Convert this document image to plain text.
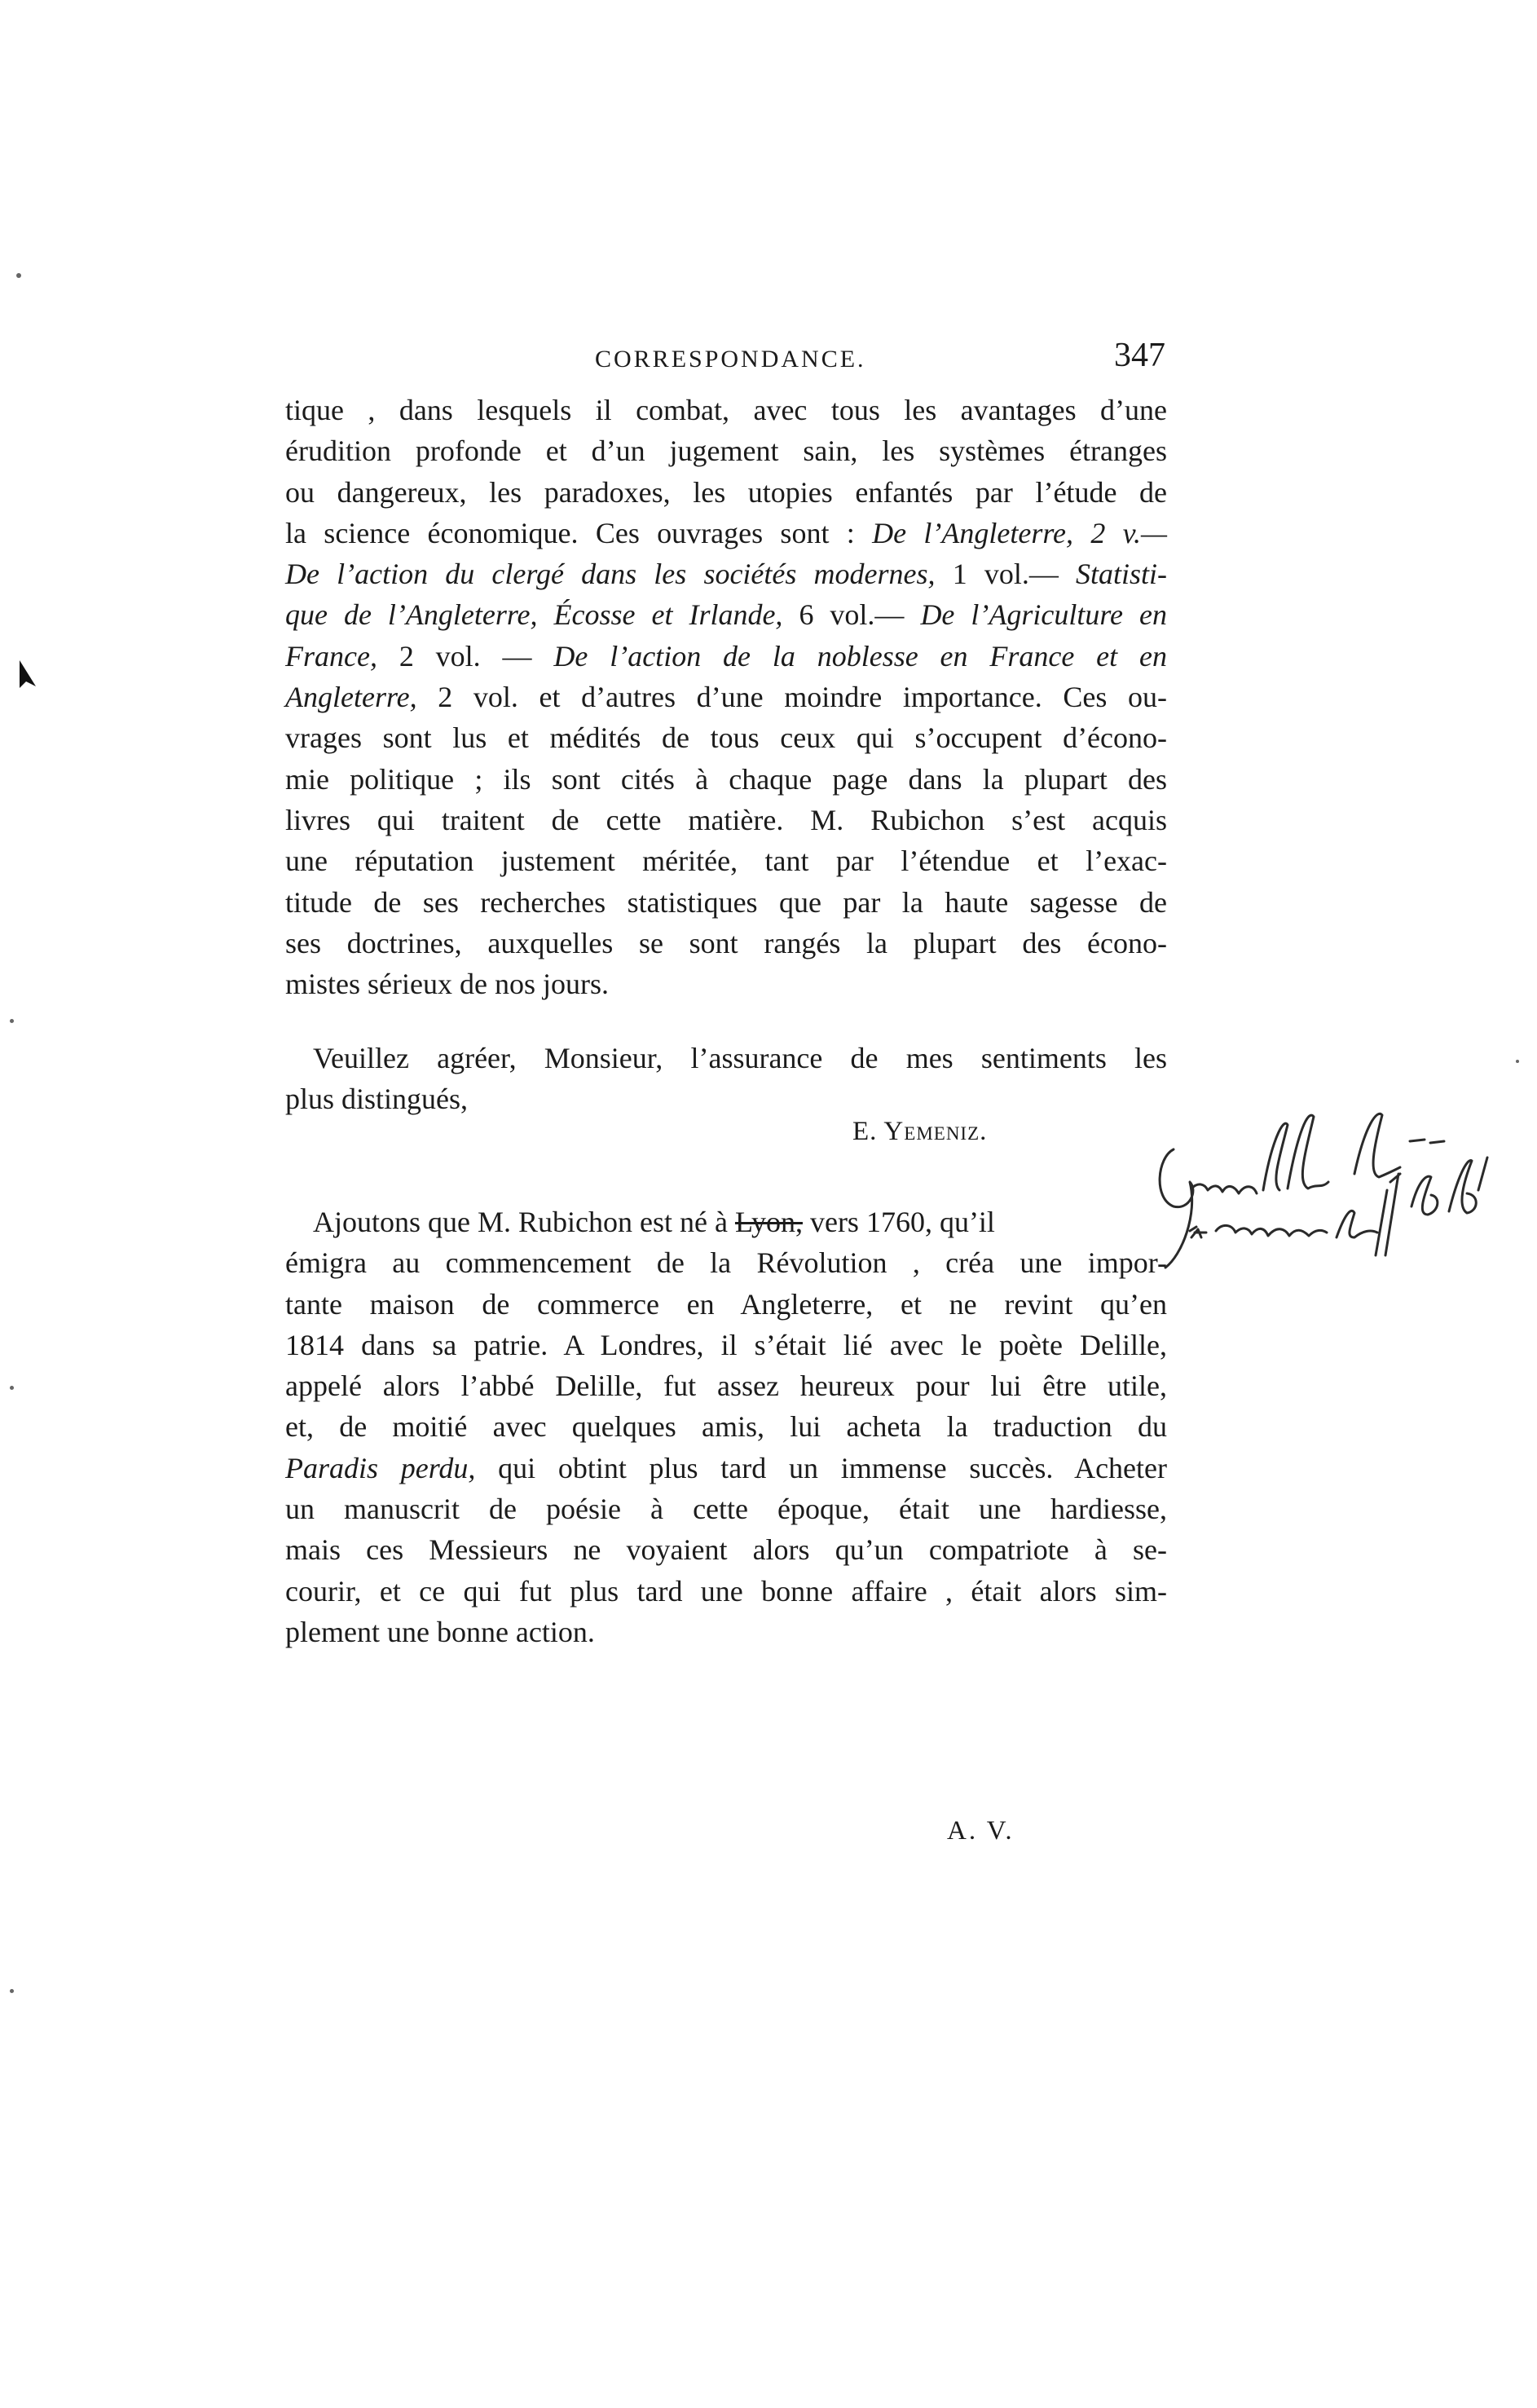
CORRESPONDANCE.	347
tique , dans lesquels il combat, avec tous les avantages d’une
érudition profonde et d’un jugement sain, les systèmes étranges
ou dangereux, les paradoxes, les utopies enfantés par l’étude de
la science économique. Ces ouvrages sont : De l’Angleterre, 2 v.—
De l’action du clergé dans les sociétés modernes, 1 vol.— Statisti-
que de l’Angleterre, Écosse et Irlande, 6 vol.— De l’Agriculture en
France, 2 vol. — De l’action de la noblesse en France et en
Angleterre, 2 vol. et d’autres d’une moindre importance. Ces ou-
vrages sont lus et médités de tous ceux qui s’occupent d’écono-
mie politique ; ils sont cités à chaque page dans la plupart des
livres qui traitent de cette matière. M. Rubichon s’est acquis
une réputation justement méritée, tant par l’étendue et l’exac-
titude de ses recherches statistiques que par la haute sagesse de
ses doctrines, auxquelles se sont rangés la plupart des écono-
mistes sérieux de nos jours.
Veuillez agréer, Monsieur, l’assurance de mes sentiments les
plus distingués,
E. Yemeniz.
Ajoutons que M. Rubichon est né à Lyon, vers 1760, qu’il
émigra au commencement de la Révolution , créa une impor-
tante maison de commerce en Angleterre, et ne revint qu’en
1814 dans sa patrie. A Londres, il s’était lié avec le poète Delille,
appelé alors l’abbé Delille, fut assez heureux pour lui être utile,
et, de moitié avec quelques amis, lui acheta la traduction du
Paradis perdu, qui obtint plus tard un immense succès. Acheter
un manuscrit de poésie à cette époque, était une hardiesse,
mais ces Messieurs ne voyaient alors qu’un compatriote à se-
courir, et ce qui fut plus tard une bonne affaire , était alors sim-
plement une bonne action.
A. V.
